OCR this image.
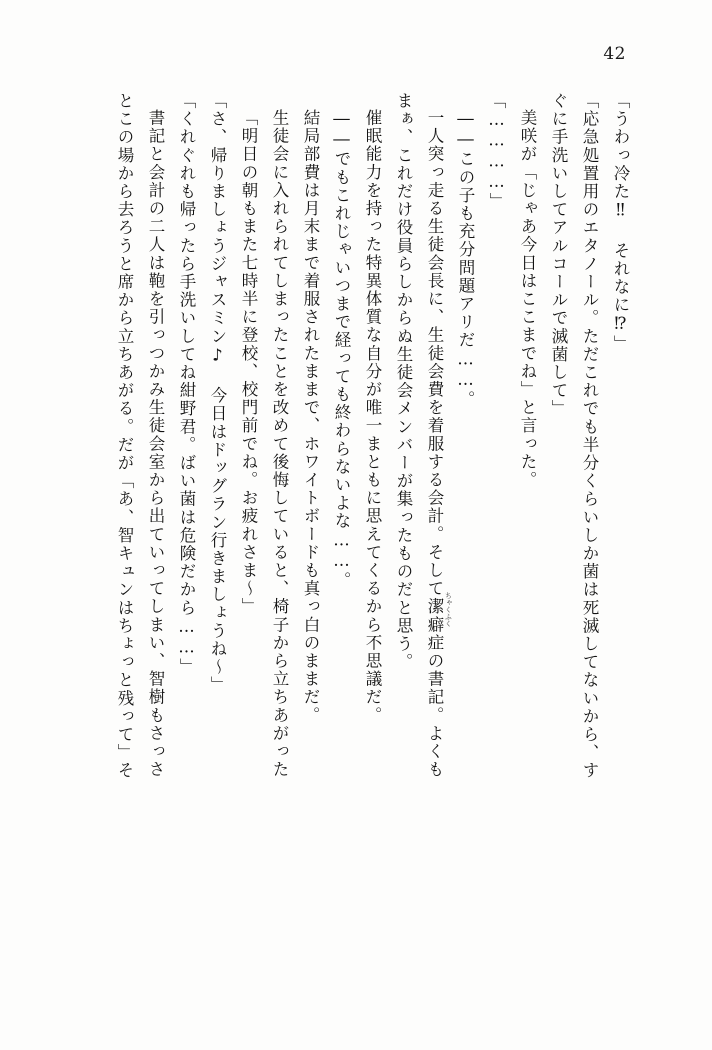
42
「うわっ冷た‼ それなに⁉」
「応急処置用のエタノール。ただこれでも半分くらいしか菌は死滅してないから、す
ぐに手洗いしてアルコールで滅菌して」
美咲が「じゃあ今日はここまでね」と言った。
「…………」
――この子も充分問題アリだ……。
一人突っ走る生徒会長に、生徒会費を着服する会計。そして潔癖症の書記。よくも
まぁ、これだけ役員らしからぬ生徒会メンバーが集ったものだと思う。
催眠能力を持った特異体質な自分が唯一まともに思えてくるから不思議だ。
――でもこれじゃいつまで経っても終わらないよな……。
結局部費は月末まで着服されたままで、ホワイトボードも真っ白のままだ。
生徒会に入れられてしまったことを改めて後悔していると、椅子から立ちあがった
「明日の朝もまた七時半に登校、校門前でね。お疲れさま～」
「さ、帰りましょうジャスミン♪ 今日はドッグラン行きましょうね～」
「くれぐれも帰ったら手洗いしてね紺野君。ばい菌は危険だから……」
書記と会計の二人は鞄を引っつかみ生徒会室から出ていってしまい、智樹もさっさ
とこの場から去ろうと席から立ちあがる。だが「あ、智キュンはちょっと残って」そ	ちゃくふく
